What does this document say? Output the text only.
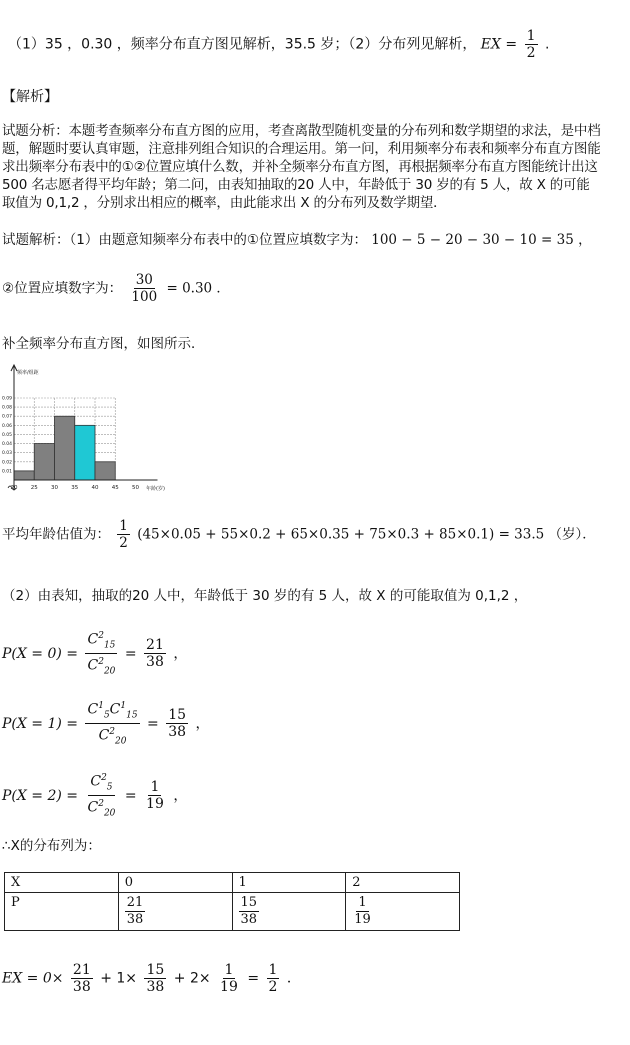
（1）35 ，0.30 ，频率分布直方图见解析，35.5 岁；（2）分布列见解析， EX = $\frac{1}{2}$ .
【解析】
试题分析：本题考查频率分布直方图的应用，考查离散型随机变量的分布列和数学期望的求法，是中档
题，解题时要认真审题，注意排列组合知识的合理运用。第一问，利用频率分布表和频率分布直方图能
求出频率分布表中的①②位置应填什么数，并补全频率分布直方图，再根据频率分布直方图能统计出这
500 名志愿者得平均年龄；第二问，由表知抽取的20 人中，年龄低于 30 岁的有 5 人，故 X 的可能
取值为 0,1,2 ，分别求出相应的概率，由此能求出 X 的分布列及数学期望．
试题解析：（1）由题意知频率分布表中的①位置应填数字为： 100 − 5 − 20 − 30 − 10 = 35 ，
②位置应填数字为： $\frac{30}{100} = 0.30$ ．
补全频率分布直方图，如图所示．
0.01
0.02
0.03
0.04
0.05
0.06
0.07
0.08
0.09
20 25 30 35 40 45 50
频率/组距
年龄(岁)
平均年龄估值为： $\frac{1}{2} (45\times 0.05 + 55\times 0.2 + 65\times 0.35 + 75\times 0.3 + 85\times 0.1) = 33.5$ （岁）．
（2）由表知，抽取的20 人中，年龄低于 30 岁的有 5 人，故 X 的可能取值为 0,1,2 ，
$P(X = 0) = \frac{C^2_{15}}{C^2_{20}} = \frac{21}{38}$ ，
$P(X = 1) = \frac{C^1_5C^1_{15}}{C^2_{20}} = \frac{15}{38}$ ，
$P(X = 2) = \frac{C^2_5}{C^2_{20}} = \frac{1}{19}$ ，
∴X的分布列为：
X	0	1	2
P	$\frac{21}{38}$	$\frac{15}{38}$	$\frac{1}{19}$
EX = $0\times \frac{21}{38} + 1\times \frac{15}{38} + 2\times \frac{1}{19} = \frac{1}{2}$ ．
